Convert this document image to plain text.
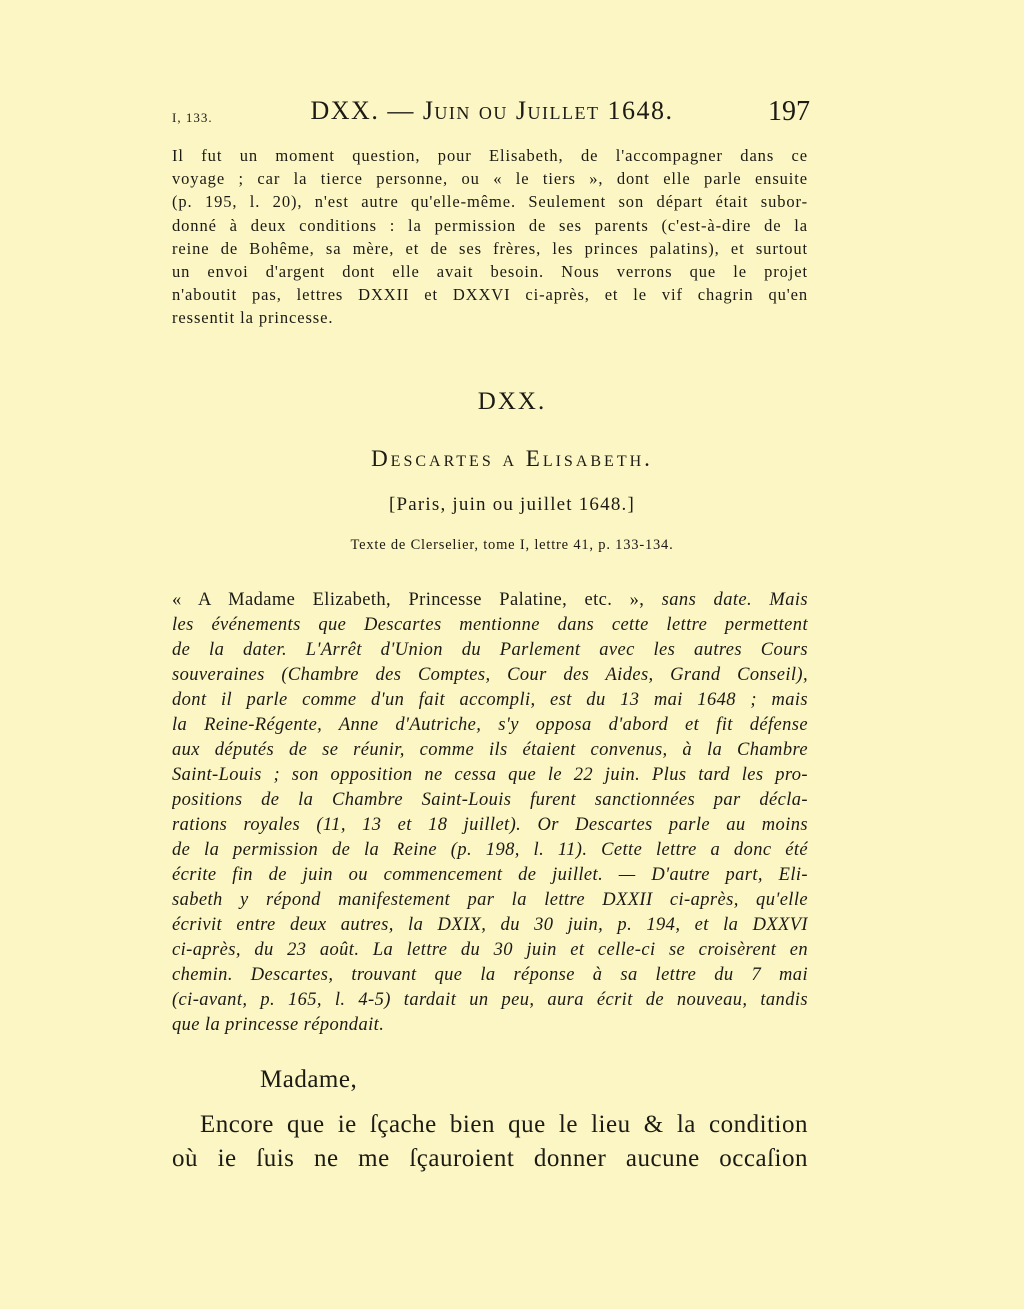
I, 133.	DXX. — Juin ou Juillet 1648.	197
Il fut un moment question, pour Elisabeth, de l'accompagner dans ce
voyage ; car la tierce personne, ou « le tiers », dont elle parle ensuite
(p. 195, l. 20), n'est autre qu'elle-même. Seulement son départ était subor-
donné à deux conditions : la permission de ses parents (c'est-à-dire de la
reine de Bohême, sa mère, et de ses frères, les princes palatins), et surtout
un envoi d'argent dont elle avait besoin. Nous verrons que le projet
n'aboutit pas, lettres DXXII et DXXVI ci-après, et le vif chagrin qu'en
ressentit la princesse.
DXX.
Descartes a Elisabeth.
[Paris, juin ou juillet 1648.]
Texte de Clerselier, tome I, lettre 41, p. 133-134.
« A Madame Elizabeth, Princesse Palatine, etc. », sans date. Mais
les événements que Descartes mentionne dans cette lettre permettent
de la dater. L'Arrêt d'Union du Parlement avec les autres Cours
souveraines (Chambre des Comptes, Cour des Aides, Grand Conseil),
dont il parle comme d'un fait accompli, est du 13 mai 1648 ; mais
la Reine-Régente, Anne d'Autriche, s'y opposa d'abord et fit défense
aux députés de se réunir, comme ils étaient convenus, à la Chambre
Saint-Louis ; son opposition ne cessa que le 22 juin. Plus tard les pro-
positions de la Chambre Saint-Louis furent sanctionnées par décla-
rations royales (11, 13 et 18 juillet). Or Descartes parle au moins
de la permission de la Reine (p. 198, l. 11). Cette lettre a donc été
écrite fin de juin ou commencement de juillet. — D'autre part, Eli-
sabeth y répond manifestement par la lettre DXXII ci-après, qu'elle
écrivit entre deux autres, la DXIX, du 30 juin, p. 194, et la DXXVI
ci-après, du 23 août. La lettre du 30 juin et celle-ci se croisèrent en
chemin. Descartes, trouvant que la réponse à sa lettre du 7 mai
(ci-avant, p. 165, l. 4-5) tardait un peu, aura écrit de nouveau, tandis
que la princesse répondait.
Madame,
Encore que ie ſçache bien que le lieu & la condition
où ie ſuis ne me ſçauroient donner aucune occaſion
